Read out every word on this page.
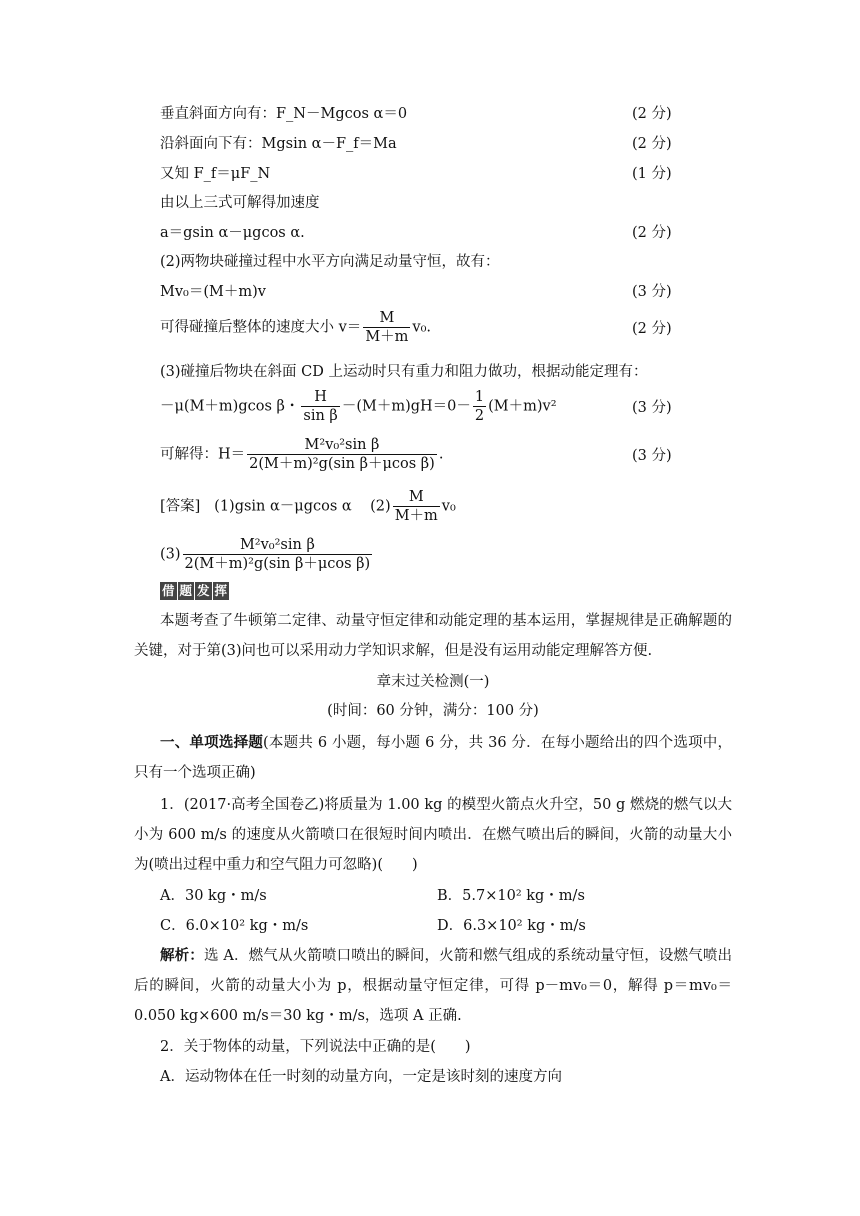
垂直斜面方向有：F_N－Mgcos α＝0	(2 分)
沿斜面向下有：Mgsin α－F_f＝Ma	(2 分)
又知 F_f＝μF_N	(1 分)
由以上三式可解得加速度
a＝gsin α－μgcos α.	(2 分)
(2)两物块碰撞过程中水平方向满足动量守恒，故有：
Mv₀＝(M＋m)v	(3 分)
可得碰撞后整体的速度大小 $v= \frac{M}{M+m} v_0$.	(2 分)
(3)碰撞后物块在斜面 CD 上运动时只有重力和阻力做功，根据动能定理有：
－μ(M＋m)gcos β・ $\frac{H}{\text{sin β}} -(M+m)gH=0- \frac{1}{2} (M+m)v^2$	(3 分)
可解得：$H= \frac{\text{M²v₀²sin β}}{\text{2(M＋m)²g(sin β＋μcos β)}}$ .	(3 分)
[答案] (1)gsin α－μgcos α $(2) \frac{M}{M+m} v_0$
$(3) \frac{\text{M²v₀²sin β}}{\text{2(M＋m)²g(sin β＋μcos β)}}$
借 题 发 挥
本题考查了牛顿第二定律、动量守恒定律和动能定理的基本运用，掌握规律是正确解题的关键，对于第(3)问也可以采用动力学知识求解，但是没有运用动能定理解答方便.
章末过关检测(一)
(时间：60 分钟，满分：100 分)
一、单项选择题(本题共 6 小题，每小题 6 分，共 36 分．在每小题给出的四个选项中，只有一个选项正确)
1．(2017·高考全国卷乙)将质量为 1.00 kg 的模型火箭点火升空，50 g 燃烧的燃气以大小为 600 m/s 的速度从火箭喷口在很短时间内喷出．在燃气喷出后的瞬间，火箭的动量大小为(喷出过程中重力和空气阻力可忽略)(　　)
A．30 kg・m/s	B．5.7×10² kg・m/s
C．6.0×10² kg・m/s	D．6.3×10² kg・m/s
解析：选 A．燃气从火箭喷口喷出的瞬间，火箭和燃气组成的系统动量守恒，设燃气喷出后的瞬间，火箭的动量大小为 p，根据动量守恒定律，可得 p－mv₀＝0，解得 p＝mv₀＝0.050 kg×600 m/s＝30 kg・m/s，选项 A 正确.
2．关于物体的动量，下列说法中正确的是(　　)
A．运动物体在任一时刻的动量方向，一定是该时刻的速度方向
